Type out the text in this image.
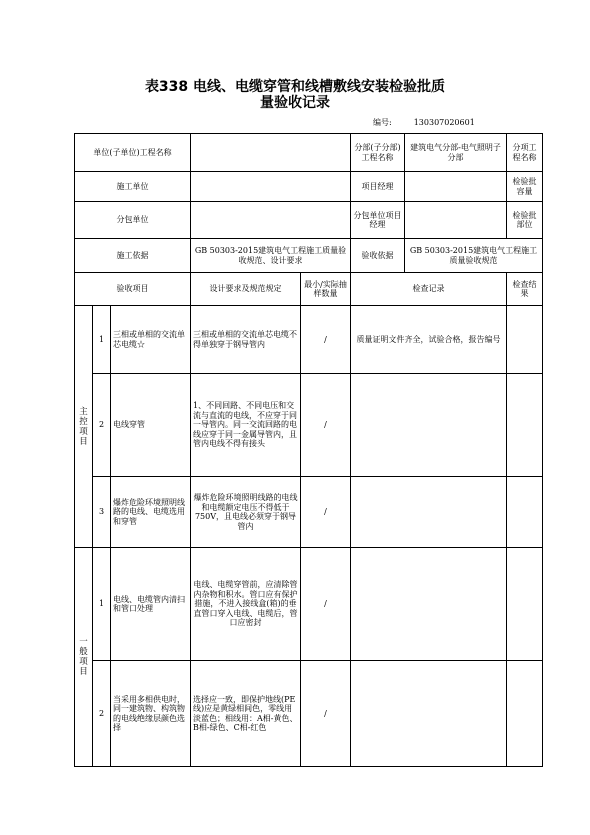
表338 电线、电缆穿管和线槽敷线安装检验批质
量验收记录
编号:	130307020601
单位(子单位)工程名称					分部(子分部)工程名称	建筑电气分部-电气照明子分部	分项工程名称
施工单位					项目经理		检验批容量
分包单位					分包单位项目经理		检验批部位
施工依据			GB 50303-2015建筑电气工程施工质量验收规范、设计要求		验收依据	GB 50303-2015建筑电气工程施工质量验收规范	
验收项目			设计要求及规范规定	最小/实际抽样数量	检查记录		检查结果

主控项目	1	三相或单相的交流单芯电缆☆	三相或单相的交流单芯电缆不得单独穿于钢导管内	/	质量证明文件齐全，试验合格，报告编号		
	2	电线穿管	1、不同回路、不同电压和交流与直流的电线，不应穿于同一导管内。同一交流回路的电线应穿于同一金属导管内，且管内电线不得有接头	/			
	3	爆炸危险环境照明线路的电线、电缆选用和穿管	爆炸危险环境照明线路的电线和电缆额定电压不得低于750V，且电线必须穿于钢导管内	/			

一般项目	1	电线、电缆管内清扫和管口处理	电线、电缆穿管前，应清除管内杂物和积水。管口应有保护措施，不进入接线盒(箱)的垂直管口穿入电线、电缆后，管口应密封	/			
	2	当采用多相供电时，同一建筑物、构筑物的电线绝缘层颜色选择	选择应一致，即保护地线(PE线)应是黄绿相间色，零线用淡蓝色；相线用：A相-黄色、B相-绿色、C相-红色	/			
